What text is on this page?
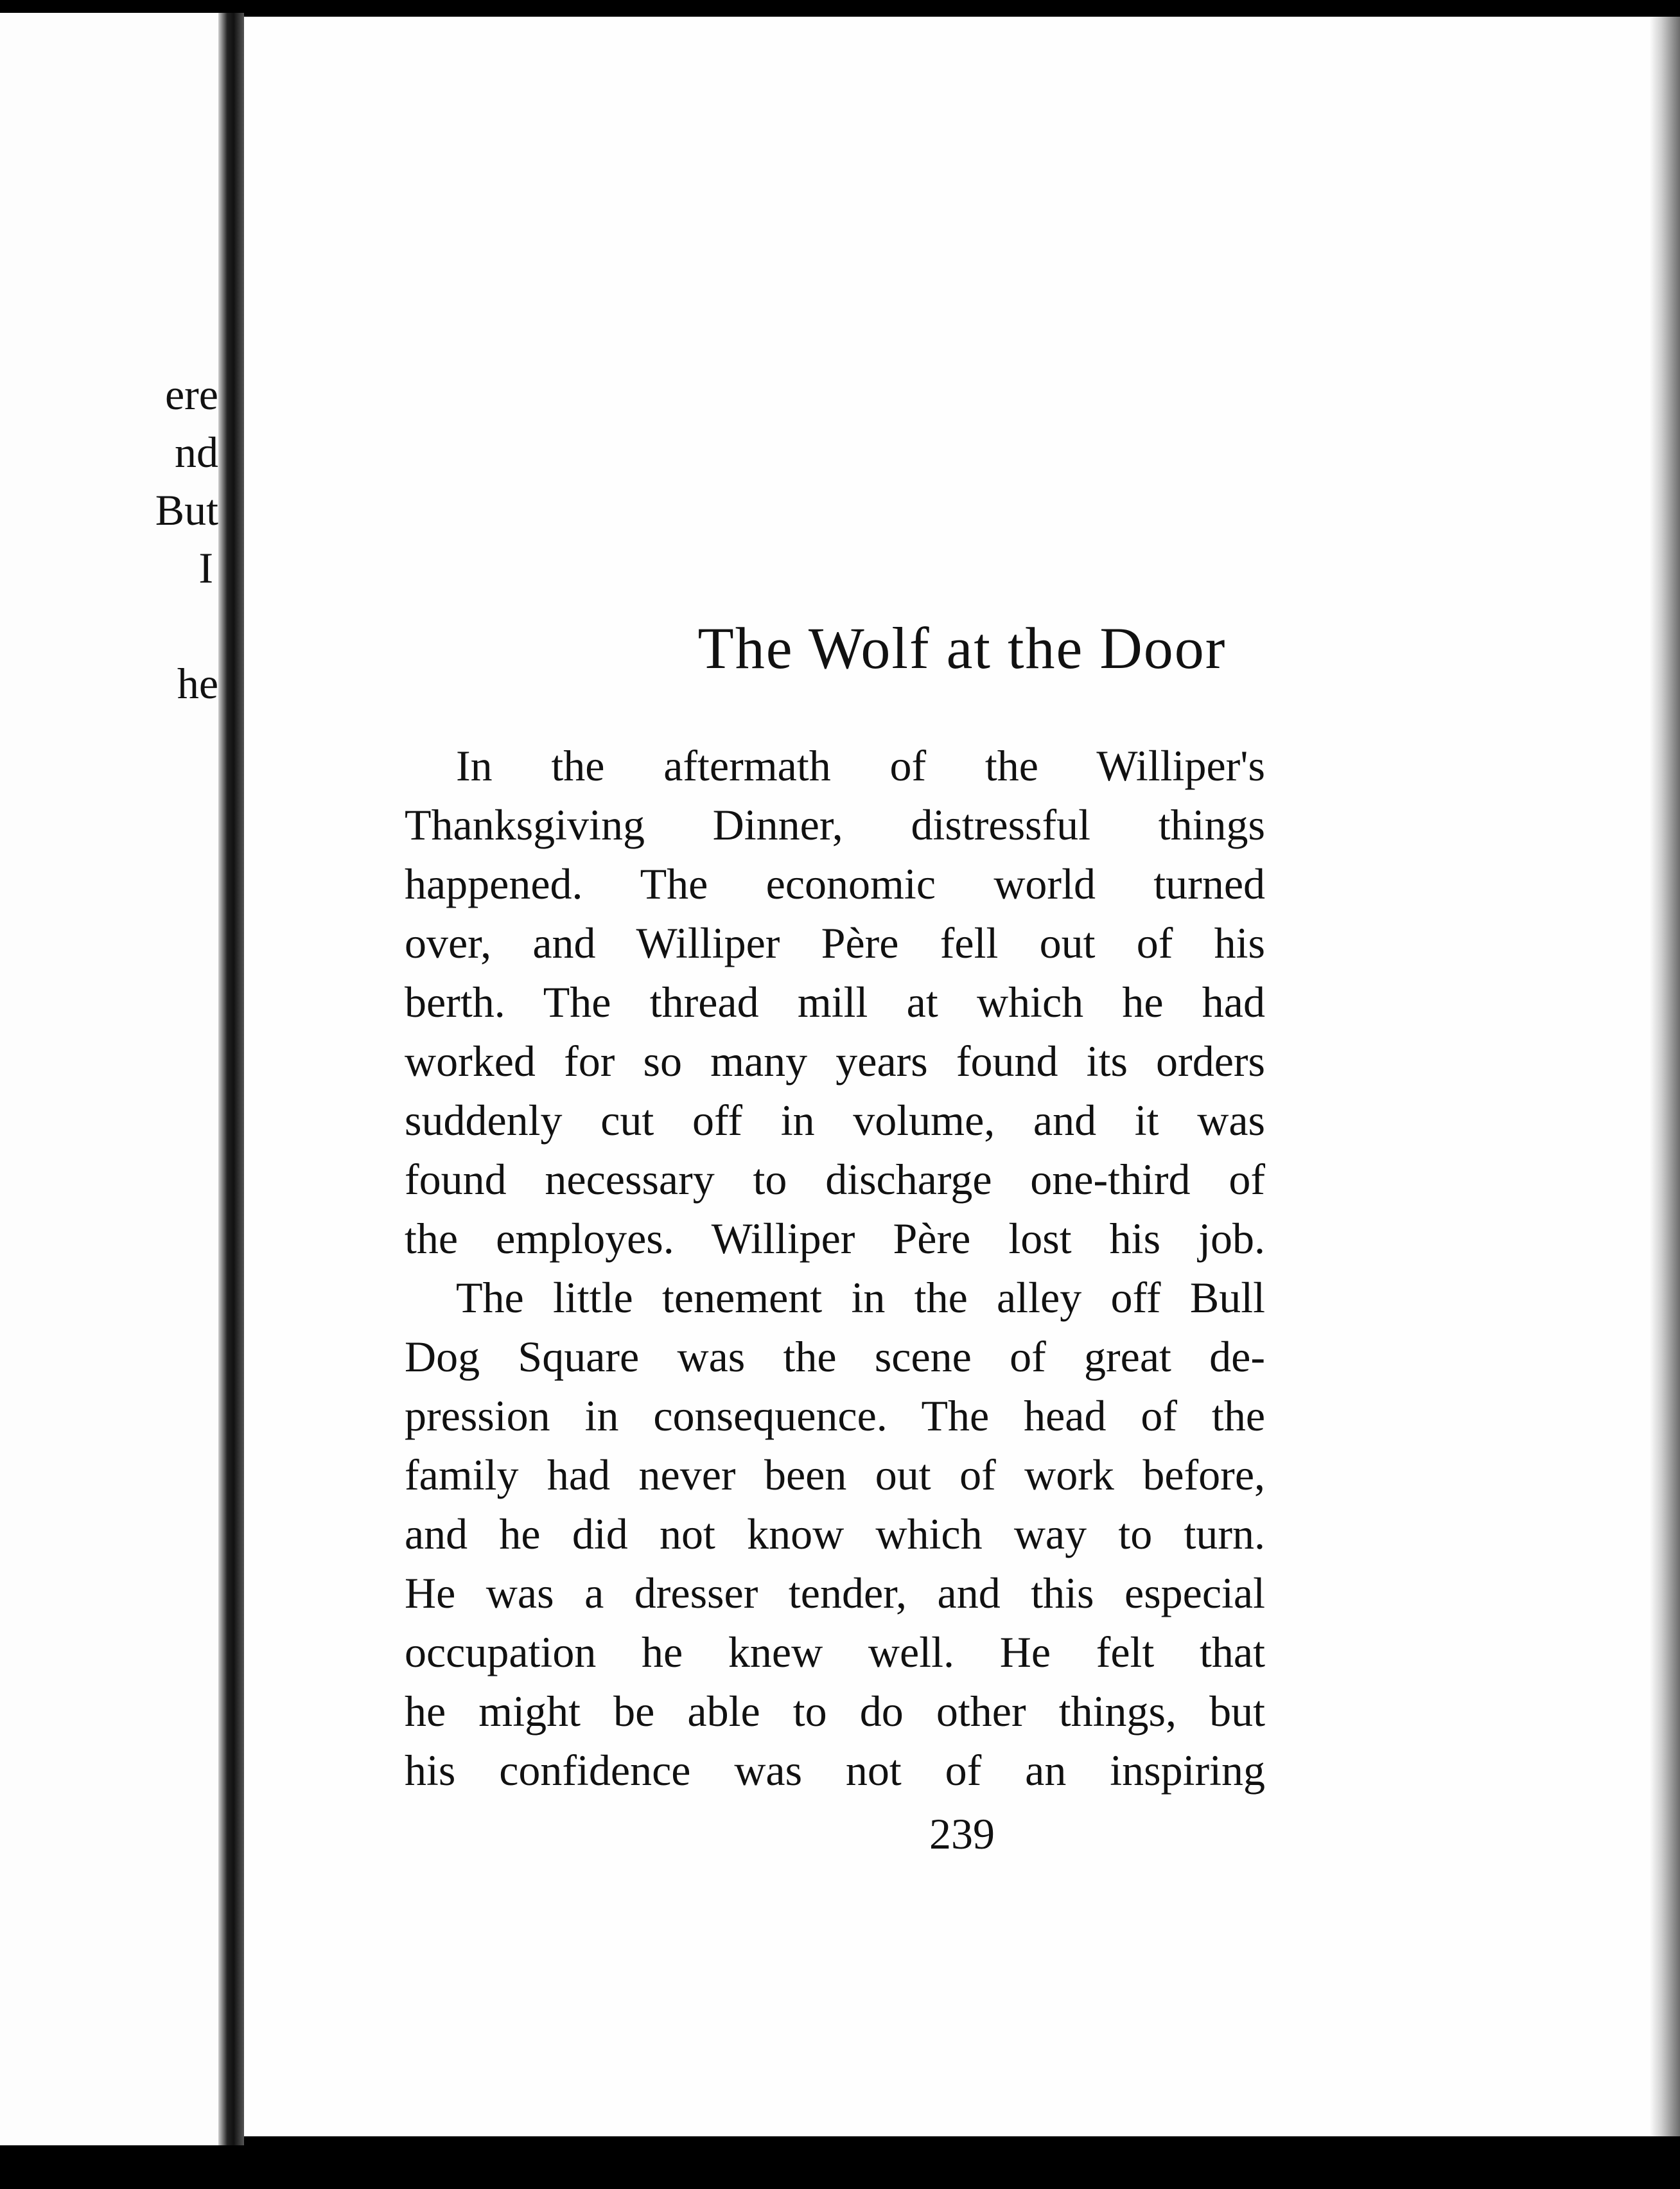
ere
nd
But
I
he
The Wolf at the Door
In the aftermath of the Williper's
Thanksgiving Dinner, distressful things
happened. The economic world turned
over, and Williper Père fell out of his
berth. The thread mill at which he had
worked for so many years found its orders
suddenly cut off in volume, and it was
found necessary to discharge one-third of
the employes. Williper Père lost his job.
The little tenement in the alley off Bull
Dog Square was the scene of great de-
pression in consequence. The head of the
family had never been out of work before,
and he did not know which way to turn.
He was a dresser tender, and this especial
occupation he knew well. He felt that
he might be able to do other things, but
his confidence was not of an inspiring
239
